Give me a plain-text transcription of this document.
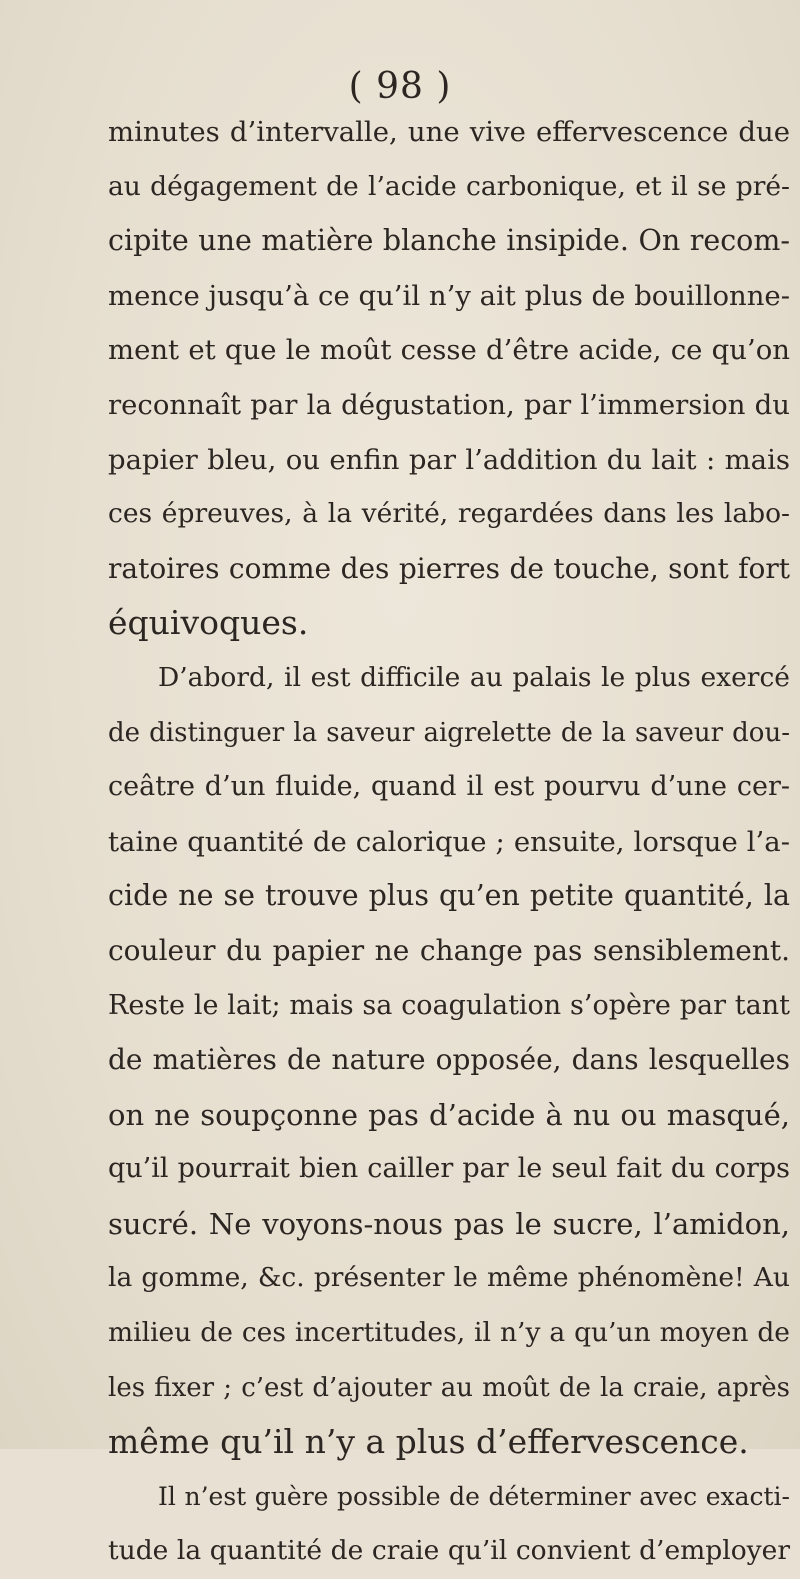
( 98 )
minutes d’intervalle, une vive effervescence due
au dégagement de l’acide carbonique, et il se pré-
cipite une matière blanche insipide. On recom-
mence jusqu’à ce qu’il n’y ait plus de bouillonne-
ment et que le moût cesse d’être acide, ce qu’on
reconnaît par la dégustation, par l’immersion du
papier bleu, ou enfin par l’addition du lait : mais
ces épreuves, à la vérité, regardées dans les labo-
ratoires comme des pierres de touche, sont fort
équivoques.
D’abord, il est difficile au palais le plus exercé
de distinguer la saveur aigrelette de la saveur dou-
ceâtre d’un fluide, quand il est pourvu d’une cer-
taine quantité de calorique ; ensuite, lorsque l’a-
cide ne se trouve plus qu’en petite quantité, la
couleur du papier ne change pas sensiblement.
Reste le lait; mais sa coagulation s’opère par tant
de matières de nature opposée, dans lesquelles
on ne soupçonne pas d’acide à nu ou masqué,
qu’il pourrait bien cailler par le seul fait du corps
sucré. Ne voyons-nous pas le sucre, l’amidon,
la gomme, &c. présenter le même phénomène! Au
milieu de ces incertitudes, il n’y a qu’un moyen de
les fixer ; c’est d’ajouter au moût de la craie, après
même qu’il n’y a plus d’effervescence.
Il n’est guère possible de déterminer avec exacti-
tude la quantité de craie qu’il convient d’employer
